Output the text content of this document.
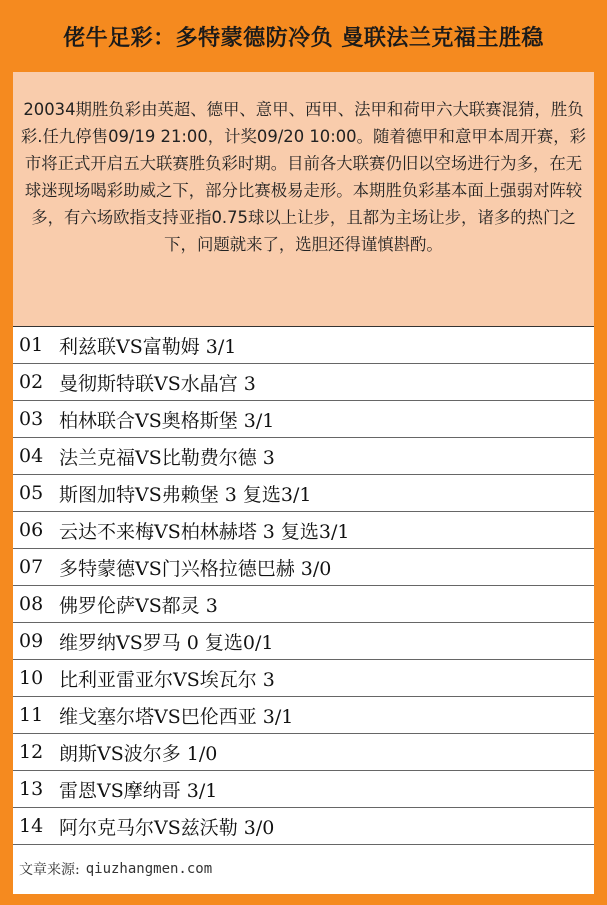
佬牛足彩：多特蒙德防冷负 曼联法兰克福主胜稳
20034期胜负彩由英超、德甲、意甲、西甲、法甲和荷甲六大联赛混猜，胜负彩.任九停售09/19 21:00，计奖09/20 10:00。随着德甲和意甲本周开赛，彩市将正式开启五大联赛胜负彩时期。目前各大联赛仍旧以空场进行为多，在无球迷现场喝彩助威之下，部分比赛极易走形。本期胜负彩基本面上强弱对阵较多，有六场欧指支持亚指0.75球以上让步，且都为主场让步，诸多的热门之下，问题就来了，选胆还得谨慎斟酌。
01 利兹联VS富勒姆 3/1
02 曼彻斯特联VS水晶宫 3
03 柏林联合VS奥格斯堡 3/1
04 法兰克福VS比勒费尔德 3
05 斯图加特VS弗赖堡 3 复选3/1
06 云达不来梅VS柏林赫塔 3 复选3/1
07 多特蒙德VS门兴格拉德巴赫 3/0
08 佛罗伦萨VS都灵 3
09 维罗纳VS罗马 0 复选0/1
10 比利亚雷亚尔VS埃瓦尔 3
11 维戈塞尔塔VS巴伦西亚 3/1
12 朗斯VS波尔多 1/0
13 雷恩VS摩纳哥 3/1
14 阿尔克马尔VS兹沃勒 3/0
文章来源: qiuzhangmen.com
